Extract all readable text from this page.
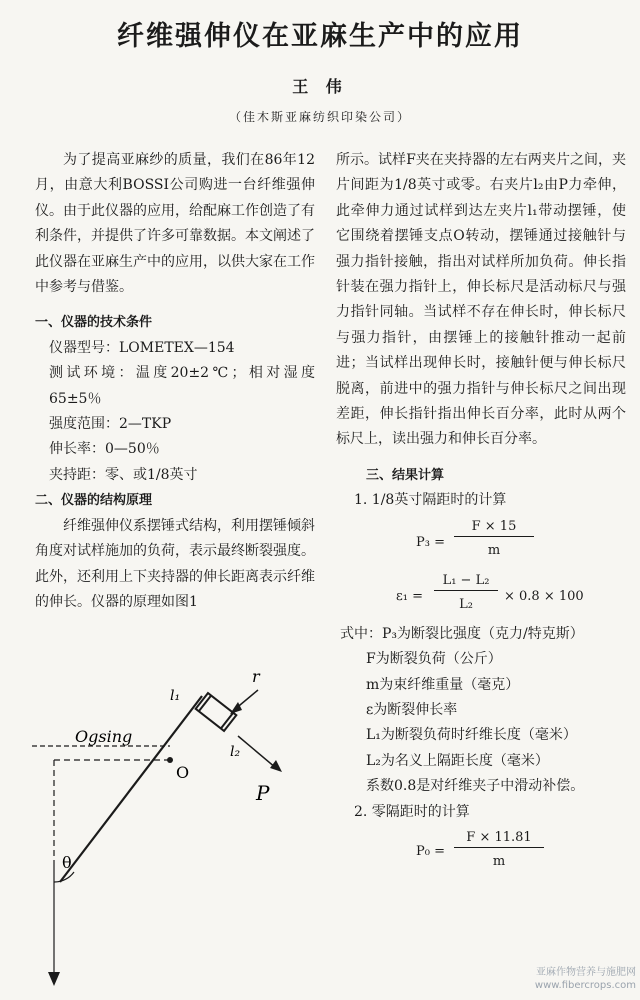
纤维强伸仪在亚麻生产中的应用
王 伟
（佳木斯亚麻纺织印染公司）

为了提高亚麻纱的质量，我们在86年12月，由意大利BOSSI公司购进一台纤维强伸仪。由于此仪器的应用，给配麻工作创造了有利条件，并提供了许多可靠数据。本文阐述了此仪器在亚麻生产中的应用，以供大家在工作中参考与借鉴。

一、仪器的技术条件

仪器型号：LOMETEX—154

测试环境：温度20±2℃；相对湿度65±5％

强度范围：2—TKP

伸长率：0—50％

夹持距：零、或1/8英寸

二、仪器的结构原理

纤维强伸仪系摆锤式结构，利用摆锤倾斜角度对试样施加的负荷，表示最终断裂强度。此外，还利用上下夹持器的伸长距离表示纤维的伸长。仪器的原理如图1

Ogsing
θ
O
l₁
l₂
r
P

所示。试样F夹在夹持器的左右两夹片之间，夹片间距为1/8英寸或零。右夹片l₂由P力牵伸，此牵伸力通过试样到达左夹片l₁带动摆锤，使它围绕着摆锤支点O转动，摆锤通过接触针与强力指针接触，指出对试样所加负荷。伸长指针装在强力指针上，伸长标尺是活动标尺与强力指针同轴。当试样不存在伸长时，伸长标尺与强力指针，由摆锤上的接触针推动一起前进；当试样出现伸长时，接触针便与伸长标尺脱离，前进中的强力指针与伸长标尺之间出现差距，伸长指针指出伸长百分率，此时从两个标尺上，读出强力和伸长百分率。

三、结果计算

1. 1/8英寸隔距时的计算

P₃ =
F × 15
m
ε₁ =
L₁ − L₂
L₂
× 0.8 × 100

式中：P₃为断裂比强度（克力/特克斯）

F为断裂负荷（公斤）

m为束纤维重量（毫克）

ε为断裂伸长率

L₁为断裂负荷时纤维长度（毫米）

L₂为名义上隔距长度（毫米）

系数0.8是对纤维夹子中滑动补偿。

2. 零隔距时的计算

P₀ =
F × 11.81
m
亚麻作物营养与施肥网
www.fibercrops.com
